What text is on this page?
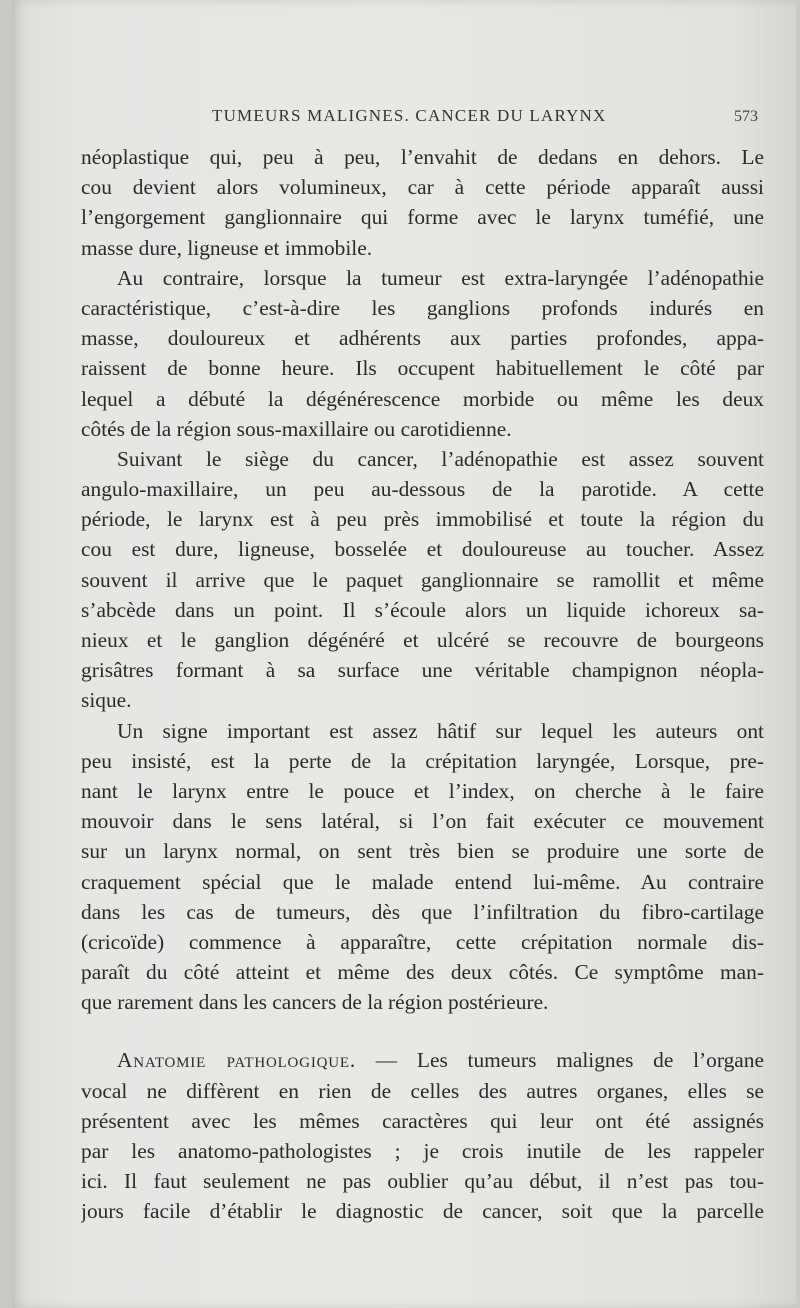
TUMEURS MALIGNES. CANCER DU LARYNX	573
néoplastique qui, peu à peu, l’envahit de dedans en dehors. Le
cou devient alors volumineux, car à cette période apparaît aussi
l’engorgement ganglionnaire qui forme avec le larynx tuméfié, une
masse dure, ligneuse et immobile.
Au contraire, lorsque la tumeur est extra-laryngée l’adénopathie
caractéristique, c’est-à-dire les ganglions profonds indurés en
masse, douloureux et adhérents aux parties profondes, appa-
raissent de bonne heure. Ils occupent habituellement le côté par
lequel a débuté la dégénérescence morbide ou même les deux
côtés de la région sous-maxillaire ou carotidienne.
Suivant le siège du cancer, l’adénopathie est assez souvent
angulo-maxillaire, un peu au-dessous de la parotide. A cette
période, le larynx est à peu près immobilisé et toute la région du
cou est dure, ligneuse, bosselée et douloureuse au toucher. Assez
souvent il arrive que le paquet ganglionnaire se ramollit et même
s’abcède dans un point. Il s’écoule alors un liquide ichoreux sa-
nieux et le ganglion dégénéré et ulcéré se recouvre de bourgeons
grisâtres formant à sa surface une véritable champignon néopla-
sique.
Un signe important est assez hâtif sur lequel les auteurs ont
peu insisté, est la perte de la crépitation laryngée, Lorsque, pre-
nant le larynx entre le pouce et l’index, on cherche à le faire
mouvoir dans le sens latéral, si l’on fait exécuter ce mouvement
sur un larynx normal, on sent très bien se produire une sorte de
craquement spécial que le malade entend lui-même. Au contraire
dans les cas de tumeurs, dès que l’infiltration du fibro-cartilage
(cricoïde) commence à apparaître, cette crépitation normale dis-
paraît du côté atteint et même des deux côtés. Ce symptôme man-
que rarement dans les cancers de la région postérieure.
Anatomie pathologique. — Les tumeurs malignes de l’organe
vocal ne diffèrent en rien de celles des autres organes, elles se
présentent avec les mêmes caractères qui leur ont été assignés
par les anatomo-pathologistes ; je crois inutile de les rappeler
ici. Il faut seulement ne pas oublier qu’au début, il n’est pas tou-
jours facile d’établir le diagnostic de cancer, soit que la parcelle
